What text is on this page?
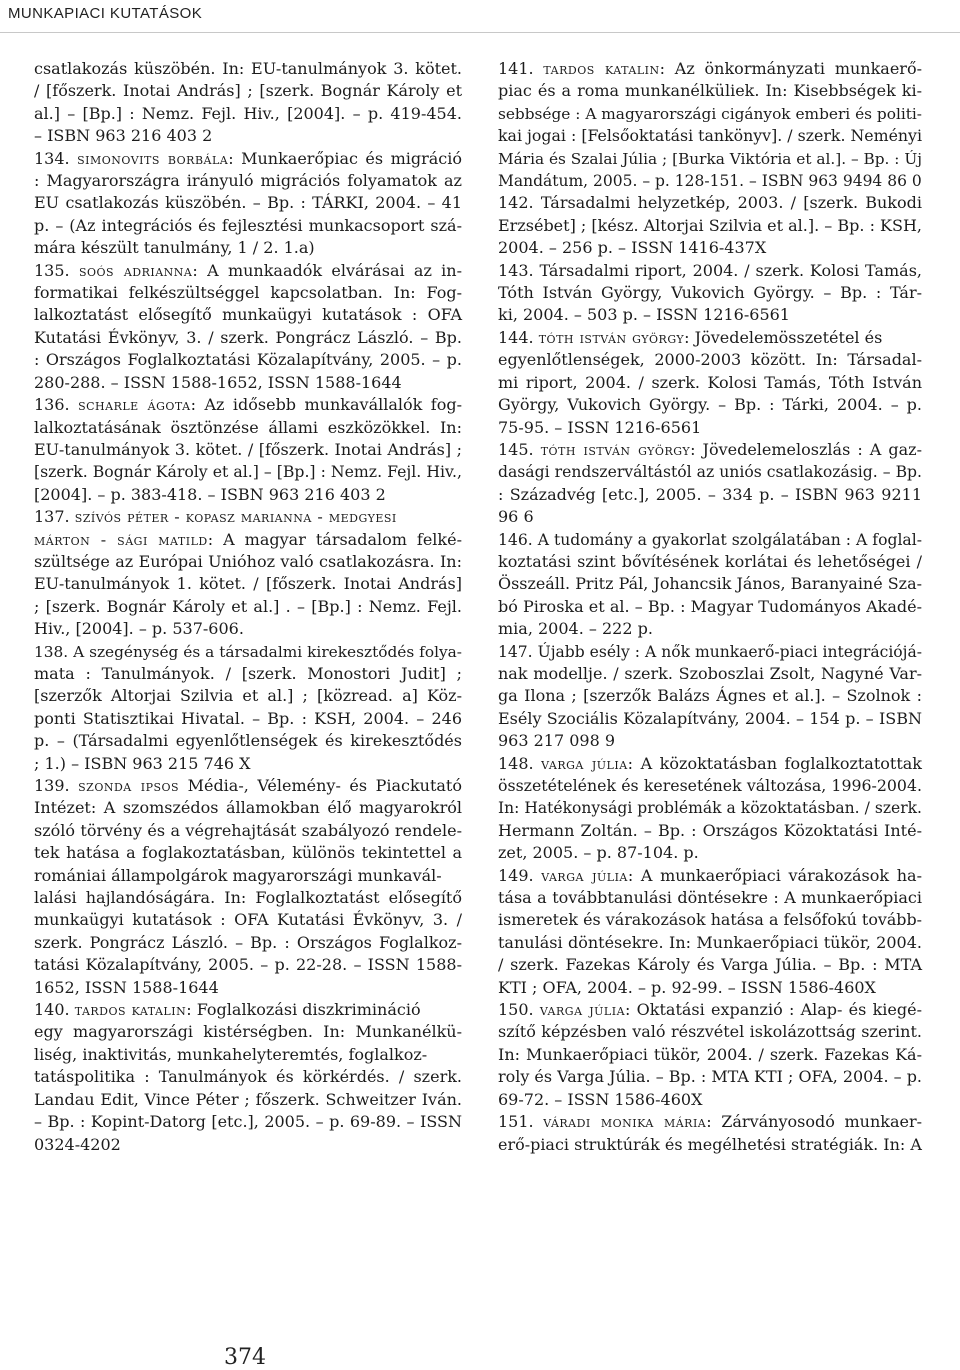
MUNKAPIACI KUTATÁSOK
csatlakozás küszöbén. In: EU-tanulmányok 3. kötet.
/ [főszerk. Inotai András] ; [szerk. Bognár Károly et
al.] – [Bp.] : Nemz. Fejl. Hiv., [2004]. – p. 419-454.
– ISBN 963 216 403 2
134. simonovits borbála: Munkaerőpiac és migráció
: Magyarországra irányuló migrációs folyamatok az
EU csatlakozás küszöbén. – Bp. : TÁRKI, 2004. – 41
p. – (Az integrációs és fejlesztési munkacsoport szá-
mára készült tanulmány, 1 / 2. 1.a)
135. soós adrianna: A munkaadók elvárásai az in-
formatikai felkészültséggel kapcsolatban. In: Fog-
lalkoztatást elősegítő munkaügyi kutatások : OFA
Kutatási Évkönyv, 3. / szerk. Pongrácz László. – Bp.
: Országos Foglalkoztatási Közalapítvány, 2005. – p.
280-288. – ISSN 1588-1652, ISSN 1588-1644
136. scharle ágota: Az idősebb munkavállalók fog-
lalkoztatásának ösztönzése állami eszközökkel. In:
EU-tanulmányok 3. kötet. / [főszerk. Inotai András] ;
[szerk. Bognár Károly et al.] – [Bp.] : Nemz. Fejl. Hiv.,
[2004]. – p. 383-418. – ISBN 963 216 403 2
137. szívós péter - kopasz marianna - medgyesi
márton - sági matild: A magyar társadalom felké-
szültsége az Európai Unióhoz való csatlakozásra. In:
EU-tanulmányok 1. kötet. / [főszerk. Inotai András]
; [szerk. Bognár Károly et al.] . – [Bp.] : Nemz. Fejl.
Hiv., [2004]. – p. 537-606.
138. A szegénység és a társadalmi kirekesztődés folya-
mata : Tanulmányok. / [szerk. Monostori Judit] ;
[szerzők Altorjai Szilvia et al.] ; [közread. a] Köz-
ponti Statisztikai Hivatal. – Bp. : KSH, 2004. – 246
p. – (Társadalmi egyenlőtlenségek és kirekesztődés
; 1.) – ISBN 963 215 746 X
139. szonda ipsos Média-, Vélemény- és Piackutató
Intézet: A szomszédos államokban élő magyarokról
szóló törvény és a végrehajtását szabályozó rendele-
tek hatása a foglakoztatásban, különös tekintettel a
romániai állampolgárok magyarországi munkavál-
lalási hajlandóságára. In: Foglalkoztatást elősegítő
munkaügyi kutatások : OFA Kutatási Évkönyv, 3. /
szerk. Pongrácz László. – Bp. : Országos Foglalkoz-
tatási Közalapítvány, 2005. – p. 22-28. – ISSN 1588-
1652, ISSN 1588-1644
140. tardos katalin: Foglalkozási diszkrimináció
egy magyarországi kistérségben. In: Munkanélkü-
liség, inaktivitás, munkahelyteremtés, foglalkoz-
tatáspolitika : Tanulmányok és körkérdés. / szerk.
Landau Edit, Vince Péter ; főszerk. Schweitzer Iván.
– Bp. : Kopint-Datorg [etc.], 2005. – p. 69-89. – ISSN
0324-4202
141. tardos katalin: Az önkormányzati munkaerő-
piac és a roma munkanélküliek. In: Kisebbségek ki-
sebbsége : A magyarországi cigányok emberi és politi-
kai jogai : [Felsőoktatási tankönyv]. / szerk. Neményi
Mária és Szalai Júlia ; [Burka Viktória et al.]. – Bp. : Új
Mandátum, 2005. – p. 128-151. – ISBN 963 9494 86 0
142. Társadalmi helyzetkép, 2003. / [szerk. Bukodi
Erzsébet] ; [kész. Altorjai Szilvia et al.]. – Bp. : KSH,
2004. – 256 p. – ISSN 1416-437X
143. Társadalmi riport, 2004. / szerk. Kolosi Tamás,
Tóth István György, Vukovich György. – Bp. : Tár-
ki, 2004. – 503 p. – ISSN 1216-6561
144. tóth istván györgy: Jövedelemösszetétel és
egyenlőtlenségek, 2000-2003 között. In: Társadal-
mi riport, 2004. / szerk. Kolosi Tamás, Tóth István
György, Vukovich György. – Bp. : Tárki, 2004. – p.
75-95. – ISSN 1216-6561
145. tóth istván györgy: Jövedelemeloszlás : A gaz-
dasági rendszerváltástól az uniós csatlakozásig. – Bp.
: Századvég [etc.], 2005. – 334 p. – ISBN 963 9211
96 6
146. A tudomány a gyakorlat szolgálatában : A foglal-
koztatási szint bővítésének korlátai és lehetőségei /
Összeáll. Pritz Pál, Johancsik János, Baranyainé Sza-
bó Piroska et al. – Bp. : Magyar Tudományos Akadé-
mia, 2004. – 222 p.
147. Újabb esély : A nők munkaerő-piaci integrációjá-
nak modellje. / szerk. Szoboszlai Zsolt, Nagyné Var-
ga Ilona ; [szerzők Balázs Ágnes et al.]. – Szolnok :
Esély Szociális Közalapítvány, 2004. – 154 p. – ISBN
963 217 098 9
148. varga júlia: A közoktatásban foglalkoztatottak
összetételének és keresetének változása, 1996-2004.
In: Hatékonysági problémák a közoktatásban. / szerk.
Hermann Zoltán. – Bp. : Országos Közoktatási Inté-
zet, 2005. – p. 87-104. p.
149. varga júlia: A munkaerőpiaci várakozások ha-
tása a továbbtanulási döntésekre : A munkaerőpiaci
ismeretek és várakozások hatása a felsőfokú tovább-
tanulási döntésekre. In: Munkaerőpiaci tükör, 2004.
/ szerk. Fazekas Károly és Varga Júlia. – Bp. : MTA
KTI ; OFA, 2004. – p. 92-99. – ISSN 1586-460X
150. varga júlia: Oktatási expanzió : Alap- és kiegé-
szítő képzésben való részvétel iskolázottság szerint.
In: Munkaerőpiaci tükör, 2004. / szerk. Fazekas Ká-
roly és Varga Júlia. – Bp. : MTA KTI ; OFA, 2004. – p.
69-72. – ISSN 1586-460X
151. váradi monika mária: Zárványosodó munkaer-
erő-piaci struktúrák és megélhetési stratégiák. In: A
374
